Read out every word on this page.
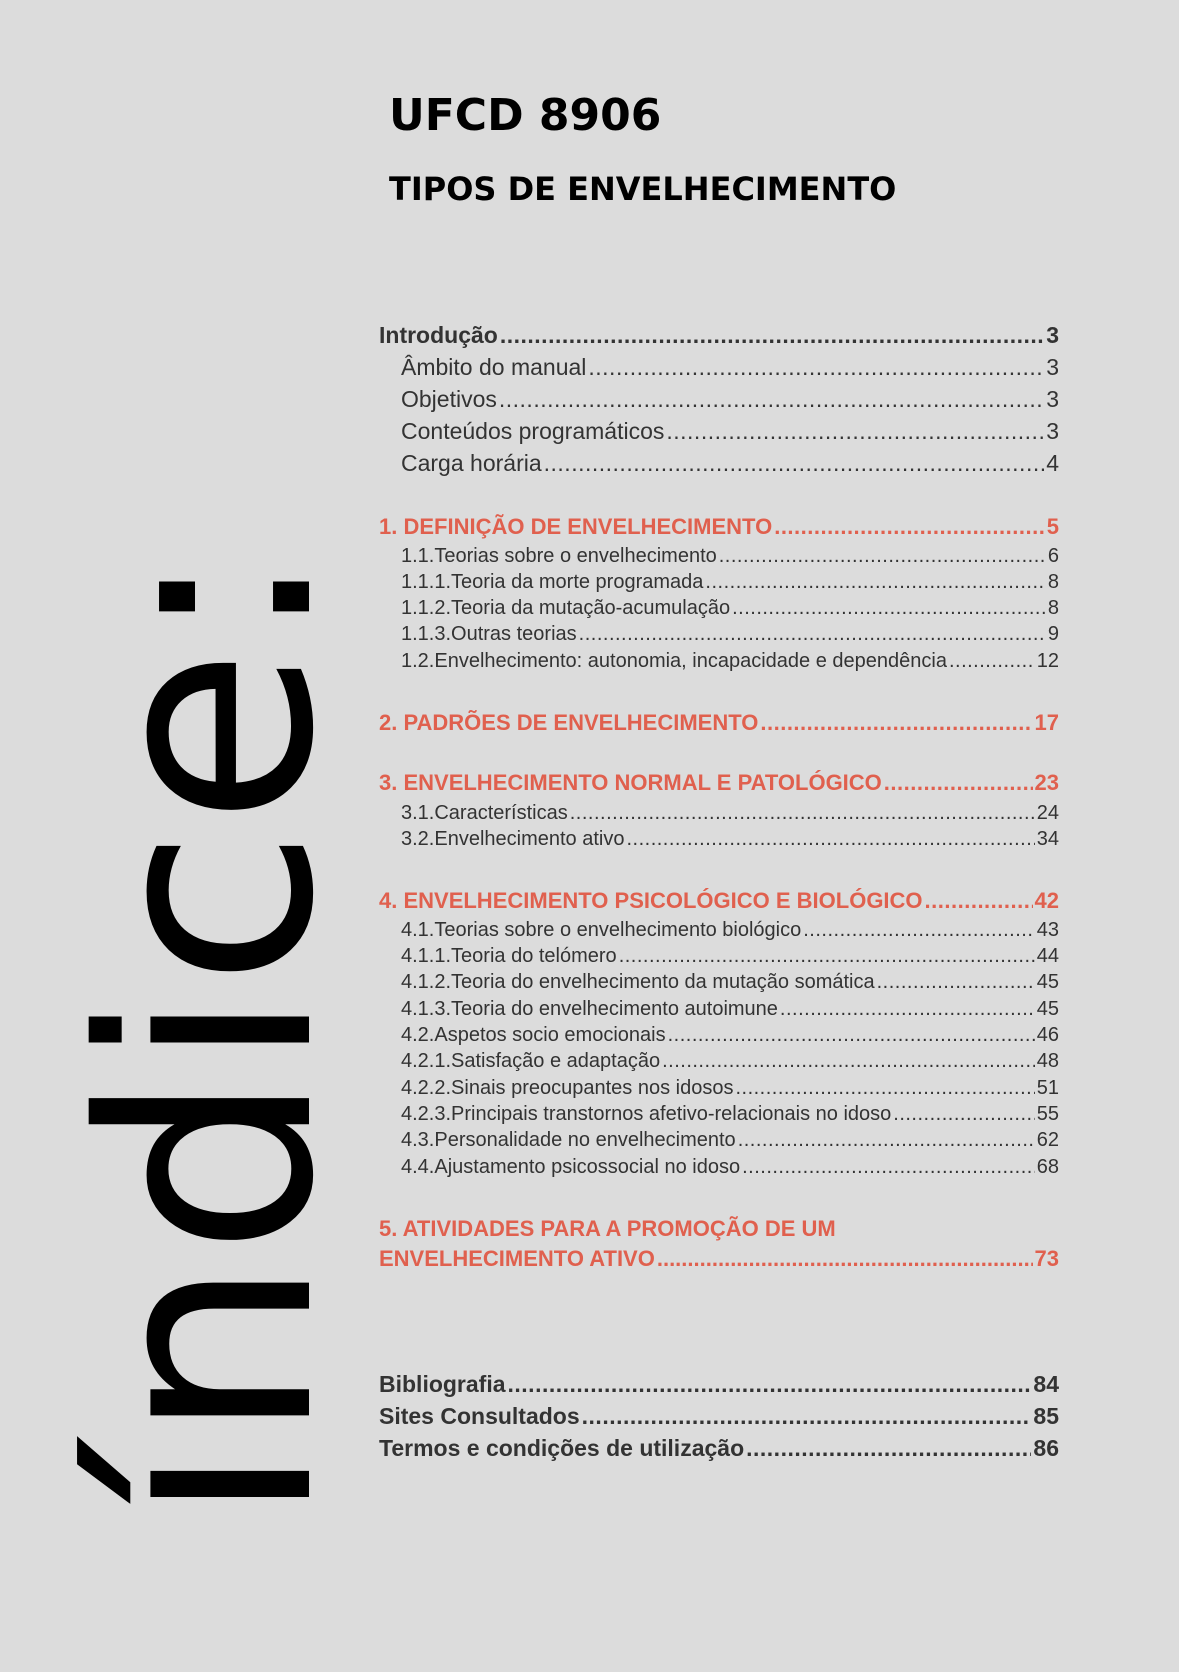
índice:
UFCD 8906
TIPOS DE ENVELHECIMENTO
Introdução .....	3
Âmbito do manual .....	3
Objetivos .....	3
Conteúdos programáticos .....	3
Carga horária .....	4
1. DEFINIÇÃO DE ENVELHECIMENTO .....	5
1.1.Teorias sobre o envelhecimento .....	6
1.1.1.Teoria da morte programada .....	8
1.1.2.Teoria da mutação-acumulação .....	8
1.1.3.Outras teorias .....	9
1.2.Envelhecimento: autonomia, incapacidade e dependência .....	12
2. PADRÕES DE ENVELHECIMENTO .....	17
3. ENVELHECIMENTO NORMAL E PATOLÓGICO .....	23
3.1.Características .....	24
3.2.Envelhecimento ativo .....	34
4. ENVELHECIMENTO PSICOLÓGICO E BIOLÓGICO .....	42
4.1.Teorias sobre o envelhecimento biológico .....	43
4.1.1.Teoria do telómero .....	44
4.1.2.Teoria do envelhecimento da mutação somática .....	45
4.1.3.Teoria do envelhecimento autoimune .....	45
4.2.Aspetos socio emocionais .....	46
4.2.1.Satisfação e adaptação .....	48
4.2.2.Sinais preocupantes nos idosos .....	51
4.2.3.Principais transtornos afetivo-relacionais no idoso .....	55
4.3.Personalidade no envelhecimento .....	62
4.4.Ajustamento psicossocial no idoso .....	68
5. ATIVIDADES PARA A PROMOÇÃO DE UM
ENVELHECIMENTO ATIVO .....	73
Bibliografia .....	84
Sites Consultados .....	85
Termos e condições de utilização .....	86
